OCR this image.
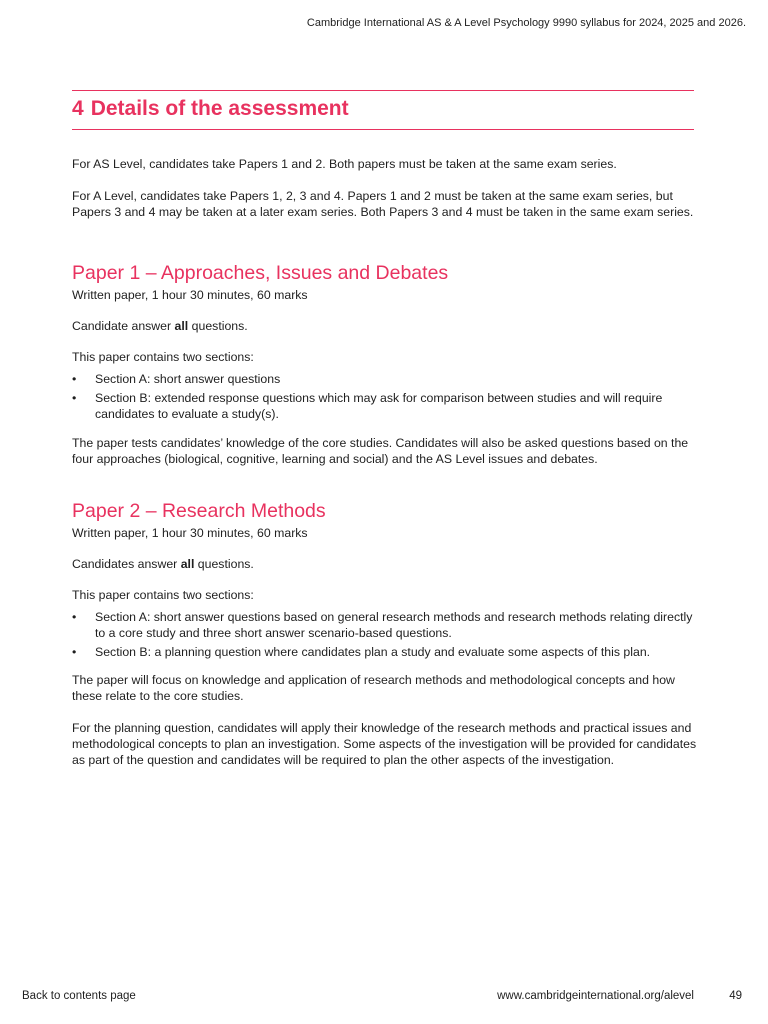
Cambridge International AS & A Level Psychology 9990 syllabus for 2024, 2025 and 2026.
4 Details of the assessment

For AS Level, candidates take Papers 1 and 2. Both papers must be taken at the same exam series.

For A Level, candidates take Papers 1, 2, 3 and 4. Papers 1 and 2 must be taken at the same exam series, but Papers 3 and 4 may be taken at a later exam series. Both Papers 3 and 4 must be taken in the same exam series.

Paper 1 – Approaches, Issues and Debates

Written paper, 1 hour 30 minutes, 60 marks

Candidate answer all questions.

This paper contains two sections:

• Section A: short answer questions
• Section B: extended response questions which may ask for comparison between studies and will require candidates to evaluate a study(s).

The paper tests candidates’ knowledge of the core studies. Candidates will also be asked questions based on the four approaches (biological, cognitive, learning and social) and the AS Level issues and debates.

Paper 2 – Research Methods

Written paper, 1 hour 30 minutes, 60 marks

Candidates answer all questions.

This paper contains two sections:

• Section A: short answer questions based on general research methods and research methods relating directly to a core study and three short answer scenario-based questions.
• Section B: a planning question where candidates plan a study and evaluate some aspects of this plan.

The paper will focus on knowledge and application of research methods and methodological concepts and how these relate to the core studies.

For the planning question, candidates will apply their knowledge of the research methods and practical issues and methodological concepts to plan an investigation. Some aspects of the investigation will be provided for candidates as part of the question and candidates will be required to plan the other aspects of the investigation.

Back to contents page	www.cambridgeinternational.org/alevel	49
